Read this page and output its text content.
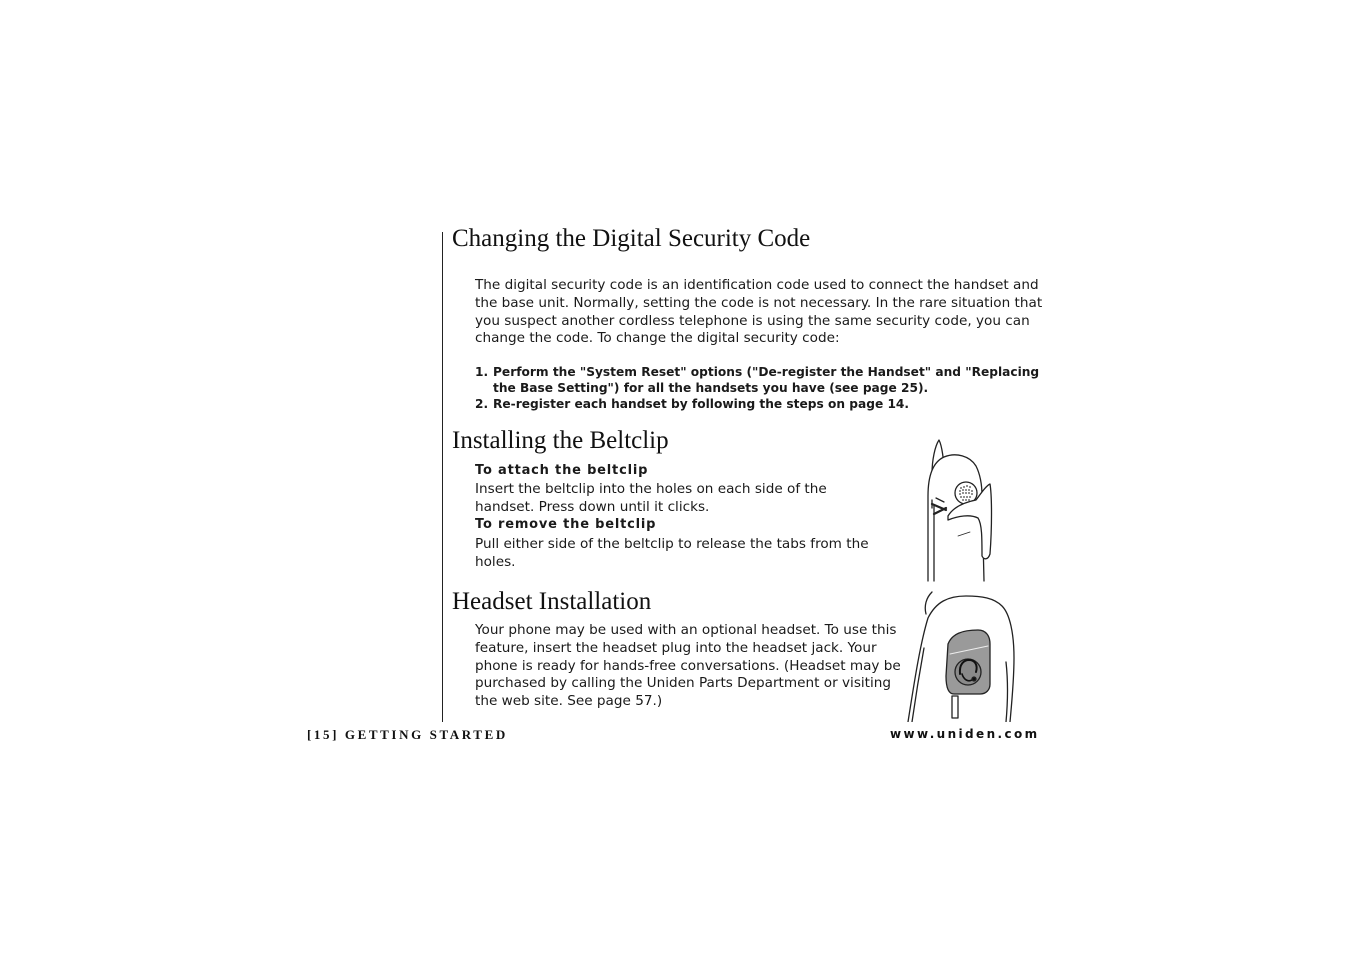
Changing the Digital Security Code

The digital security code is an identification code used to connect the handset and the base unit. Normally, setting the code is not necessary. In the rare situation that you suspect another cordless telephone is using the same security code, you can change the code. To change the digital security code:

1. Perform the "System Reset" options ("De-register the Handset" and "Replacing the Base Setting") for all the handsets you have (see page 25).
2. Re-register each handset by following the steps on page 14.
Installing the Beltclip
To attach the beltclip

Insert the beltclip into the holes on each side of the handset. Press down until it clicks.

To remove the beltclip

Pull either side of the beltclip to release the tabs from the holes.

Headset Installation

Your phone may be used with an optional headset. To use this feature, insert the headset plug into the headset jack. Your phone is ready for hands-free conversations. (Headset may be purchased by calling the Uniden Parts Department or visiting the web site. See page 57.)

[15] GETTING STARTED	www.uniden.com
